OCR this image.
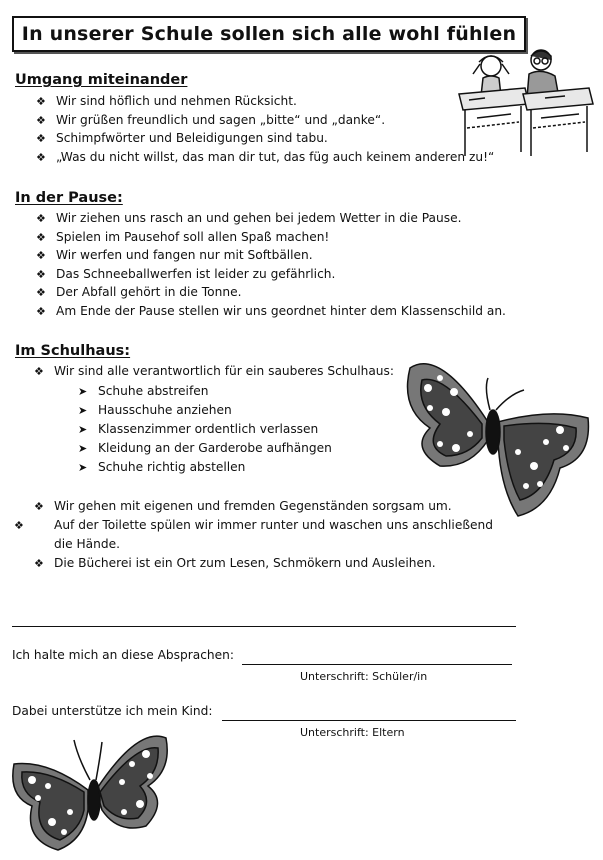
In unserer Schule sollen sich alle wohl fühlen
Umgang miteinander
❖ Wir sind höflich und nehmen Rücksicht.
❖ Wir grüßen freundlich und sagen „bitte“ und „danke“.
❖ Schimpfwörter und Beleidigungen sind tabu.
❖ „Was du nicht willst, das man dir tut, das füg auch keinem anderen zu!“
In der Pause:
❖ Wir ziehen uns rasch an und gehen bei jedem Wetter in die Pause.
❖ Spielen im Pausehof soll allen Spaß machen!
❖ Wir werfen und fangen nur mit Softbällen.
❖ Das Schneeballwerfen ist leider zu gefährlich.
❖ Der Abfall gehört in die Tonne.
❖ Am Ende der Pause stellen wir uns geordnet hinter dem Klassenschild an.
Im Schulhaus:
❖ Wir sind alle verantwortlich für ein sauberes Schulhaus:
➤ Schuhe abstreifen
➤ Hausschuhe anziehen
➤ Klassenzimmer ordentlich verlassen
➤ Kleidung an der Garderobe aufhängen
➤ Schuhe richtig abstellen
❖ Wir gehen mit eigenen und fremden Gegenständen sorgsam um.
❖ Auf der Toilette spülen wir immer runter und waschen uns anschließend die Hände.
❖ Die Bücherei ist ein Ort zum Lesen, Schmökern und Ausleihen.
Ich halte mich an diese Absprachen:
Unterschrift: Schüler/in
Dabei unterstütze ich mein Kind:
Unterschrift: Eltern
